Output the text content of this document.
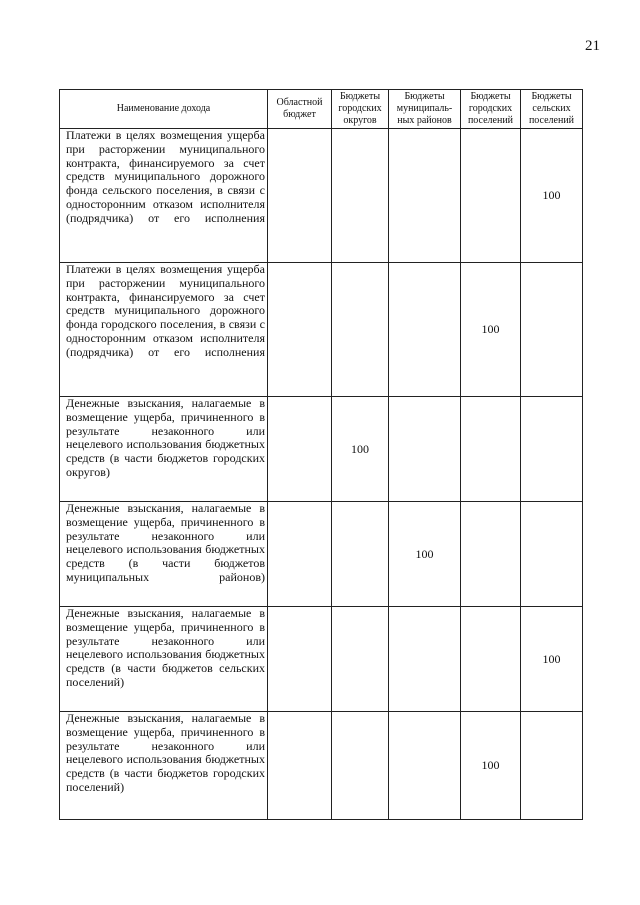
21
Наименование дохода	Областной бюджет	Бюджеты городских округов	Бюджеты муниципаль-ных районов	Бюджеты городских поселений	Бюджеты сельских поселений
Платежи в целях возмещения ущерба при расторжении муниципального контракта, финансируемого за счет средств муниципального дорожного фонда сельского поселения, в связи с односторонним отказом исполнителя (подрядчика) от его исполнения					100
Платежи в целях возмещения ущерба при расторжении муниципального контракта, финансируемого за счет средств муниципального дорожного фонда городского поселения, в связи с односторонним отказом исполнителя (подрядчика) от его исполнения				100	
Денежные взыскания, налагаемые в возмещение ущерба, причиненного в результате незаконного или нецелевого использования бюджетных средств (в части бюджетов городских округов)		100			
Денежные взыскания, налагаемые в возмещение ущерба, причиненного в результате незаконного или нецелевого использования бюджетных средств (в части бюджетов муниципальных районов)			100		
Денежные взыскания, налагаемые в возмещение ущерба, причиненного в результате незаконного или нецелевого использования бюджетных средств (в части бюджетов сельских поселений)					100
Денежные взыскания, налагаемые в возмещение ущерба, причиненного в результате незаконного или нецелевого использования бюджетных средств (в части бюджетов городских поселений)				100	
